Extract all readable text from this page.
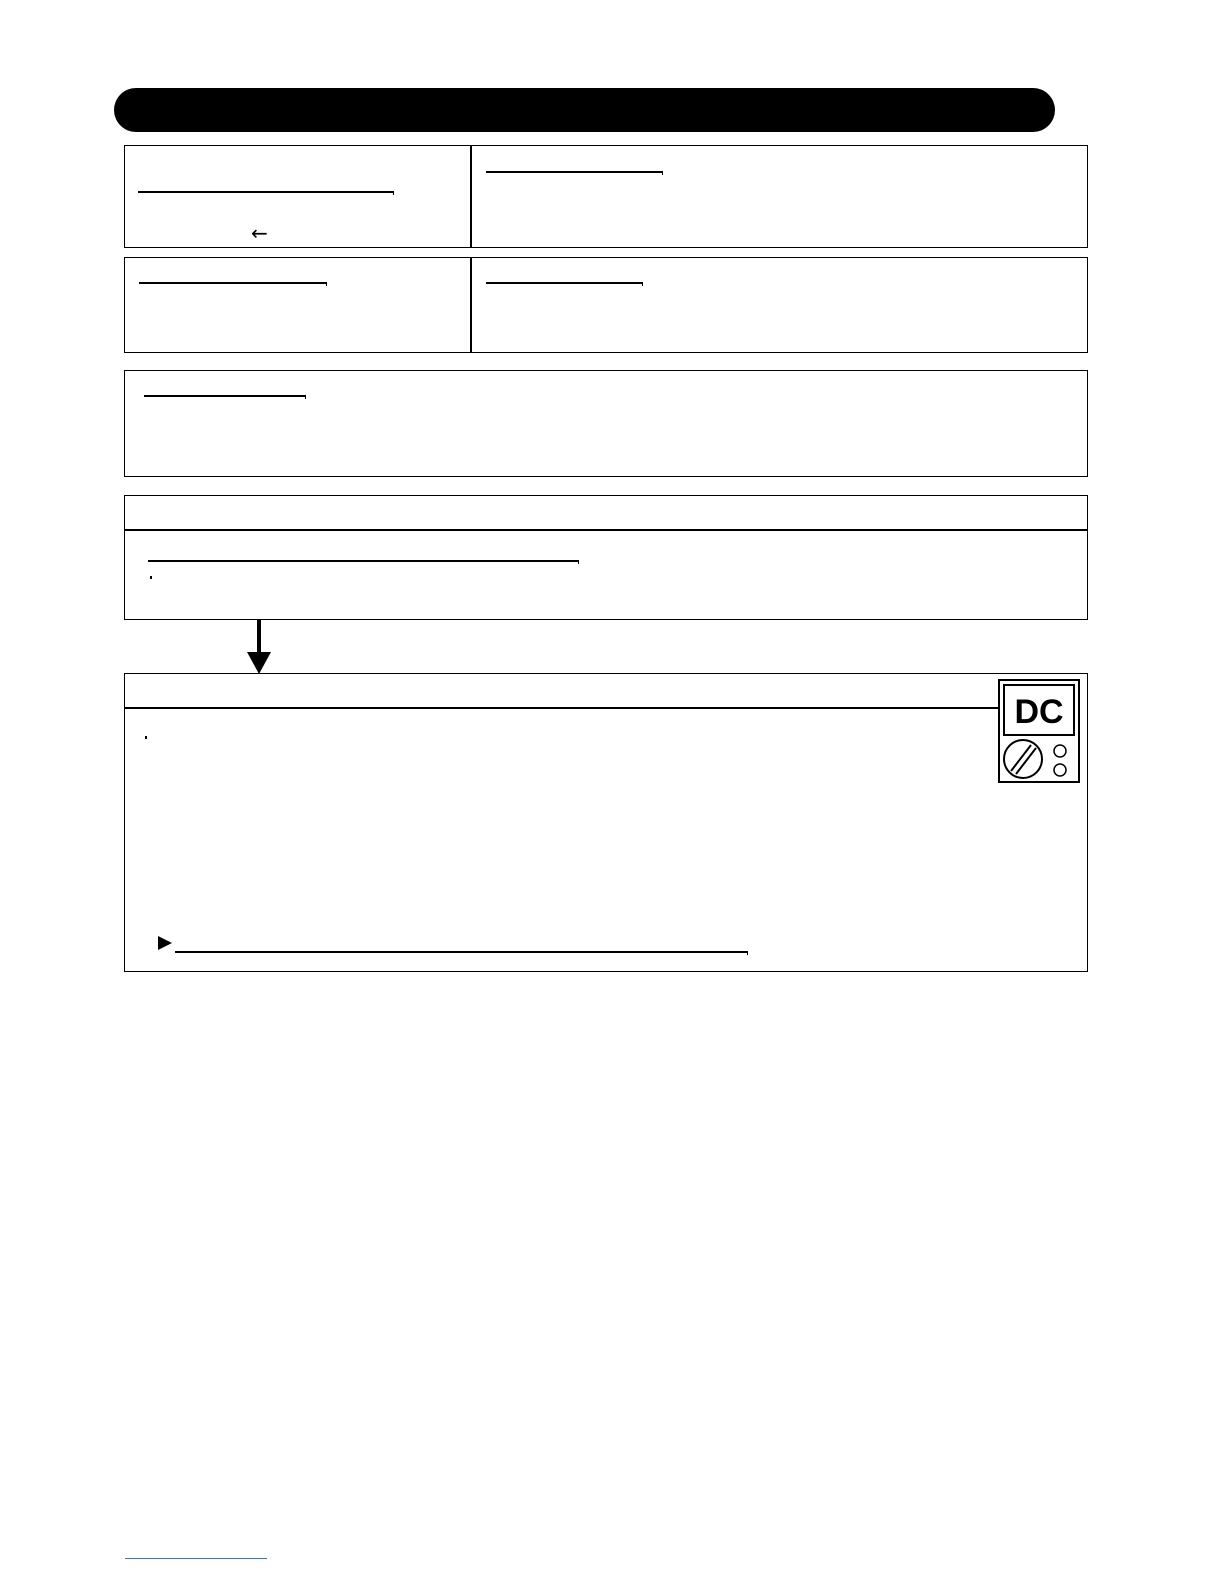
←
DC
